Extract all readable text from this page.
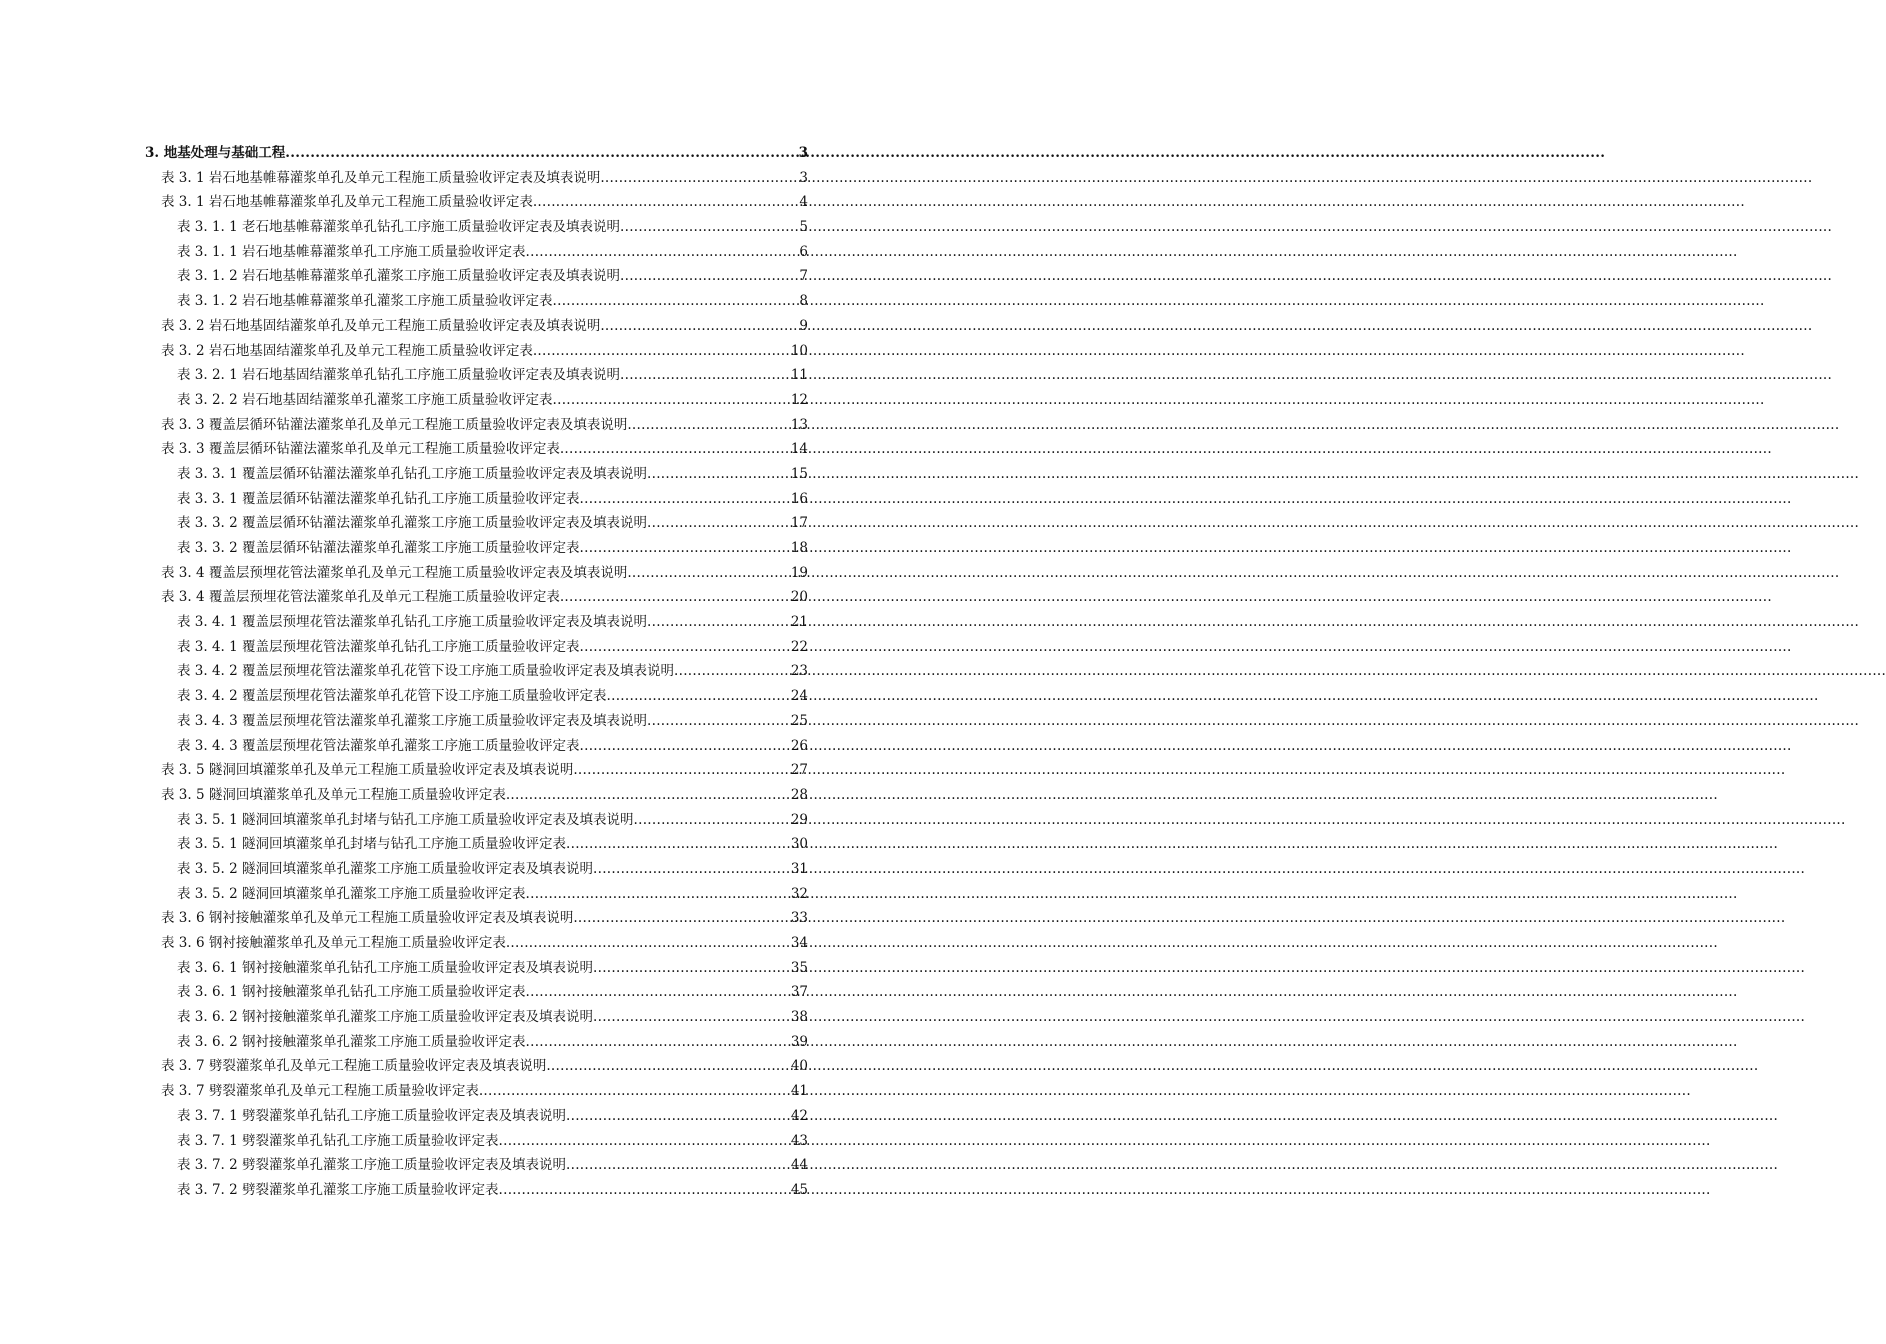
3. 地基处理与基础工程 .....	3
表 3. 1 岩石地基帷幕灌浆单孔及单元工程施工质量验收评定表及填表说明 .....	3
表 3. 1 岩石地基帷幕灌浆单孔及单元工程施工质量验收评定表 .....	4
表 3. 1. 1 老石地基帷幕灌浆单孔钻孔工序施工质量验收评定表及填表说明 .....	5
表 3. 1. 1 岩石地基帷幕灌浆单孔工序施工质量验收评定表 .....	6
表 3. 1. 2 岩石地基帷幕灌浆单孔灌浆工序施工质量验收评定表及填表说明 .....	7
表 3. 1. 2 岩石地基帷幕灌浆单孔灌浆工序施工质量验收评定表 .....	8
表 3. 2 岩石地基固结灌浆单孔及单元工程施工质量验收评定表及填表说明 .....	9
表 3. 2 岩石地基固结灌浆单孔及单元工程施工质量验收评定表 .....	10
表 3. 2. 1 岩石地基固结灌浆单孔钻孔工序施工质量验收评定表及填表说明 .....	11
表 3. 2. 2 岩石地基固结灌浆单孔灌浆工序施工质量验收评定表 .....	12
表 3. 3 覆盖层循环钻灌法灌浆单孔及单元工程施工质量验收评定表及填表说明 .....	13
表 3. 3 覆盖层循环钻灌法灌浆单孔及单元工程施工质量验收评定表 .....	14
表 3. 3. 1 覆盖层循环钻灌法灌浆单孔钻孔工序施工质量验收评定表及填表说明 .....	15
表 3. 3. 1 覆盖层循环钻灌法灌浆单孔钻孔工序施工质量验收评定表 .....	16
表 3. 3. 2 覆盖层循环钻灌法灌浆单孔灌浆工序施工质量验收评定表及填表说明 .....	17
表 3. 3. 2 覆盖层循环钻灌法灌浆单孔灌浆工序施工质量验收评定表 .....	18
表 3. 4 覆盖层预埋花管法灌浆单孔及单元工程施工质量验收评定表及填表说明 .....	19
表 3. 4 覆盖层预埋花管法灌浆单孔及单元工程施工质量验收评定表 .....	20
表 3. 4. 1 覆盖层预埋花管法灌浆单孔钻孔工序施工质量验收评定表及填表说明 .....	21
表 3. 4. 1 覆盖层预埋花管法灌浆单孔钻孔工序施工质量验收评定表 .....	22
表 3. 4. 2 覆盖层预埋花管法灌浆单孔花管下设工序施工质量验收评定表及填表说明 .....	23
表 3. 4. 2 覆盖层预埋花管法灌浆单孔花管下设工序施工质量验收评定表 .....	24
表 3. 4. 3 覆盖层预埋花管法灌浆单孔灌浆工序施工质量验收评定表及填表说明 .....	25
表 3. 4. 3 覆盖层预埋花管法灌浆单孔灌浆工序施工质量验收评定表 .....	26
表 3. 5 隧洞回填灌浆单孔及单元工程施工质量验收评定表及填表说明 .....	27
表 3. 5 隧洞回填灌浆单孔及单元工程施工质量验收评定表 .....	28
表 3. 5. 1 隧洞回填灌浆单孔封堵与钻孔工序施工质量验收评定表及填表说明 .....	29
表 3. 5. 1 隧洞回填灌浆单孔封堵与钻孔工序施工质量验收评定表 .....	30
表 3. 5. 2 隧洞回填灌浆单孔灌浆工序施工质量验收评定表及填表说明 .....	31
表 3. 5. 2 隧洞回填灌浆单孔灌浆工序施工质量验收评定表 .....	32
表 3. 6 钢衬接触灌浆单孔及单元工程施工质量验收评定表及填表说明 .....	33
表 3. 6 钢衬接触灌浆单孔及单元工程施工质量验收评定表 .....	34
表 3. 6. 1 钢衬接触灌浆单孔钻孔工序施工质量验收评定表及填表说明 .....	35
表 3. 6. 1 钢衬接触灌浆单孔钻孔工序施工质量验收评定表 .....	37
表 3. 6. 2 钢衬接触灌浆单孔灌浆工序施工质量验收评定表及填表说明 .....	38
表 3. 6. 2 钢衬接触灌浆单孔灌浆工序施工质量验收评定表 .....	39
表 3. 7 劈裂灌浆单孔及单元工程施工质量验收评定表及填表说明 .....	40
表 3. 7 劈裂灌浆单孔及单元工程施工质量验收评定表 .....	41
表 3. 7. 1 劈裂灌浆单孔钻孔工序施工质量验收评定表及填表说明 .....	42
表 3. 7. 1 劈裂灌浆单孔钻孔工序施工质量验收评定表 .....	43
表 3. 7. 2 劈裂灌浆单孔灌浆工序施工质量验收评定表及填表说明 .....	44
表 3. 7. 2 劈裂灌浆单孔灌浆工序施工质量验收评定表 .....	45
